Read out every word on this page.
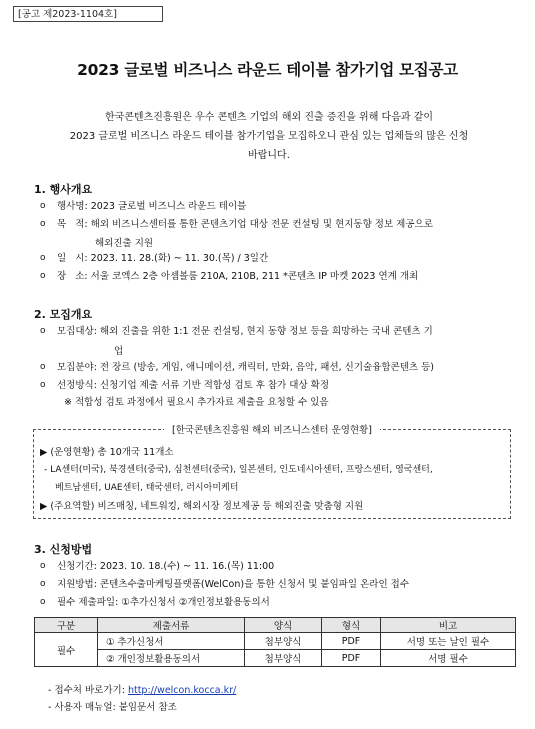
[공고 제2023-1104호]
2023 글로벌 비즈니스 라운드 테이블 참가기업 모집공고
한국콘텐츠진흥원은 우수 콘텐츠 기업의 해외 진출 증진을 위해 다음과 같이
2023 글로벌 비즈니스 라운드 테이블 참가기업을 모집하오니 관심 있는 업체들의 많은 신청
바랍니다.
1. 행사개요
o 행사명: 2023 글로벌 비즈니스 라운드 테이블
o 목   적: 해외 비즈니스센터를 통한 콘텐츠기업 대상 전문 컨설팅 및 현지동향 정보 제공으로
해외진출 지원
o 일   시: 2023. 11. 28.(화) ~ 11. 30.(목) / 3일간
o 장   소: 서울 코엑스 2층 아셈볼룸 210A, 210B, 211 *콘텐츠 IP 마켓 2023 연계 개최
2. 모집개요
o 모집대상: 해외 진출을 위한 1:1 전문 컨설팅, 현지 동향 정보 등을 희망하는 국내 콘텐츠 기
업
o 모집분야: 전 장르 (방송, 게임, 애니메이션, 캐릭터, 만화, 음악, 패션, 신기술융합콘텐츠 등)
o 선정방식: 신청기업 제출 서류 기반 적합성 검토 후 참가 대상 확정
※ 적합성 검토 과정에서 필요시 추가자료 제출을 요청할 수 있음
[한국콘텐츠진흥원 해외 비즈니스센터 운영현황]
▶ (운영현황) 총 10개국 11개소
- LA센터(미국), 북경센터(중국), 심천센터(중국), 일본센터, 인도네시아센터, 프랑스센터, 영국센터,
베트남센터, UAE센터, 태국센터, 러시아미케터
▶ (주요역할) 비즈매칭, 네트워킹, 해외시장 정보제공 등 해외진출 맞춤형 지원
3. 신청방법
o 신청기간: 2023. 10. 18.(수) ~ 11. 16.(목) 11:00
o 지원방법: 콘텐츠수출마케팅플랫폼(WelCon)을 통한 신청서 및 붙임파일 온라인 접수
o 필수 제출파일: ①추가신청서 ②개인정보활용동의서
구분	제출서류	양식	형식	비고
필수	① 추가신청서	첨부양식	PDF	서명 또는 날인 필수
	② 개인정보활용동의서	첨부양식	PDF	서명 필수
- 접수처 바로가기: http://welcon.kocca.kr/
- 사용자 매뉴얼: 붙임문서 참조
